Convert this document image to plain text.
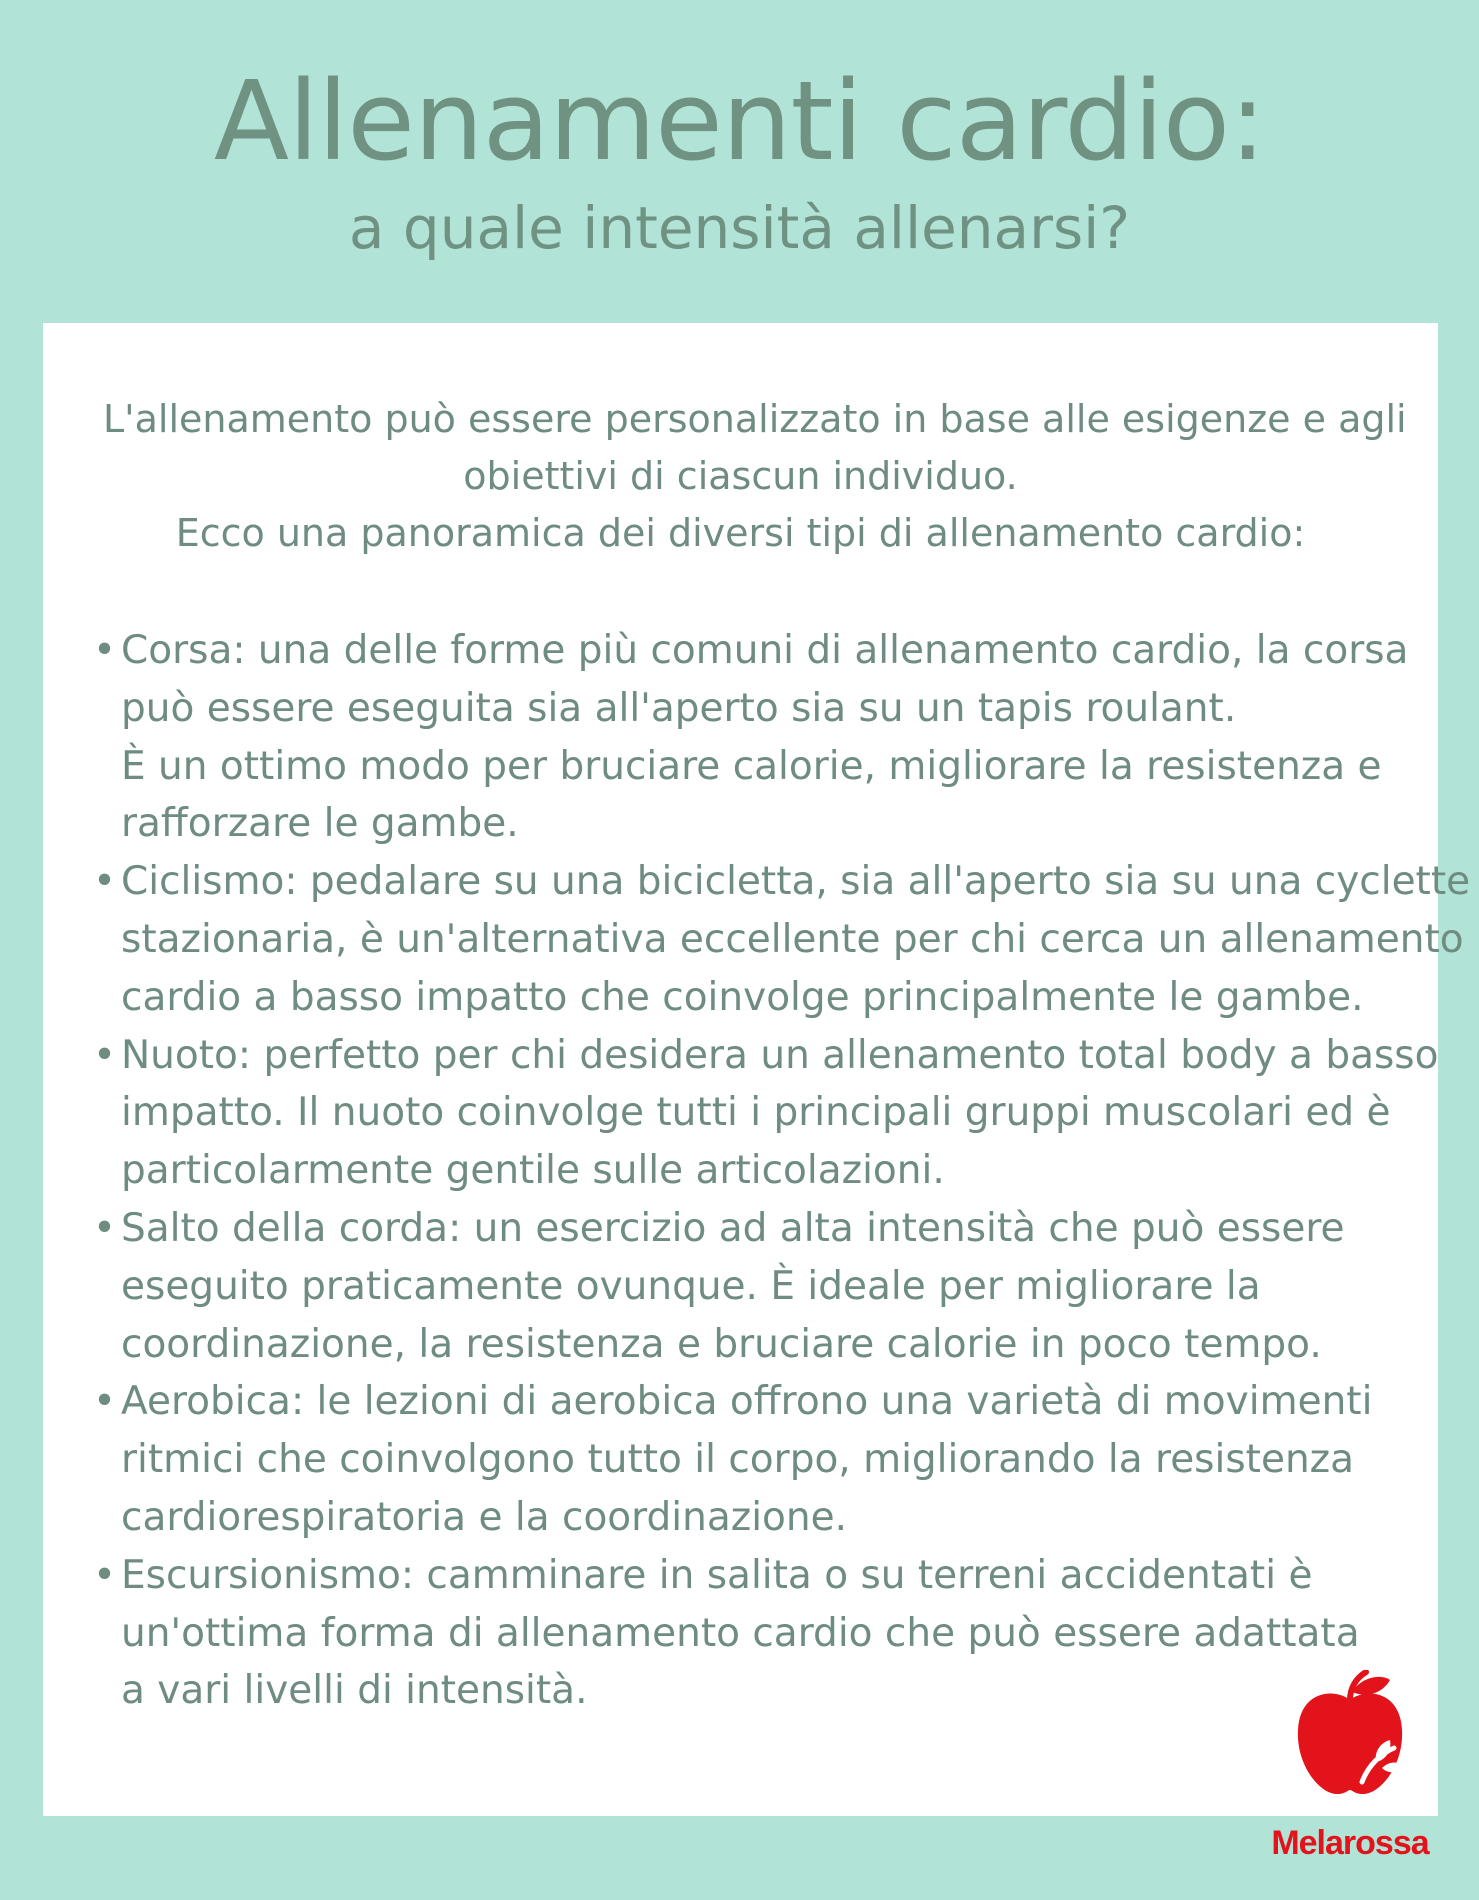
Allenamenti cardio:
a quale intensità allenarsi?

L'allenamento può essere personalizzato in base alle esigenze e agli
obiettivi di ciascun individuo.
Ecco una panoramica dei diversi tipi di allenamento cardio:

• Corsa: una delle forme più comuni di allenamento cardio, la corsa
può essere eseguita sia all'aperto sia su un tapis roulant.
È un ottimo modo per bruciare calorie, migliorare la resistenza e
rafforzare le gambe.
• Ciclismo: pedalare su una bicicletta, sia all'aperto sia su una cyclette
stazionaria, è un'alternativa eccellente per chi cerca un allenamento
cardio a basso impatto che coinvolge principalmente le gambe.
• Nuoto: perfetto per chi desidera un allenamento total body a basso
impatto. Il nuoto coinvolge tutti i principali gruppi muscolari ed è
particolarmente gentile sulle articolazioni.
• Salto della corda: un esercizio ad alta intensità che può essere
eseguito praticamente ovunque. È ideale per migliorare la
coordinazione, la resistenza e bruciare calorie in poco tempo.
• Aerobica: le lezioni di aerobica offrono una varietà di movimenti
ritmici che coinvolgono tutto il corpo, migliorando la resistenza
cardiorespiratoria e la coordinazione.
• Escursionismo: camminare in salita o su terreni accidentati è
un'ottima forma di allenamento cardio che può essere adattata
a vari livelli di intensità.
Melarossa
